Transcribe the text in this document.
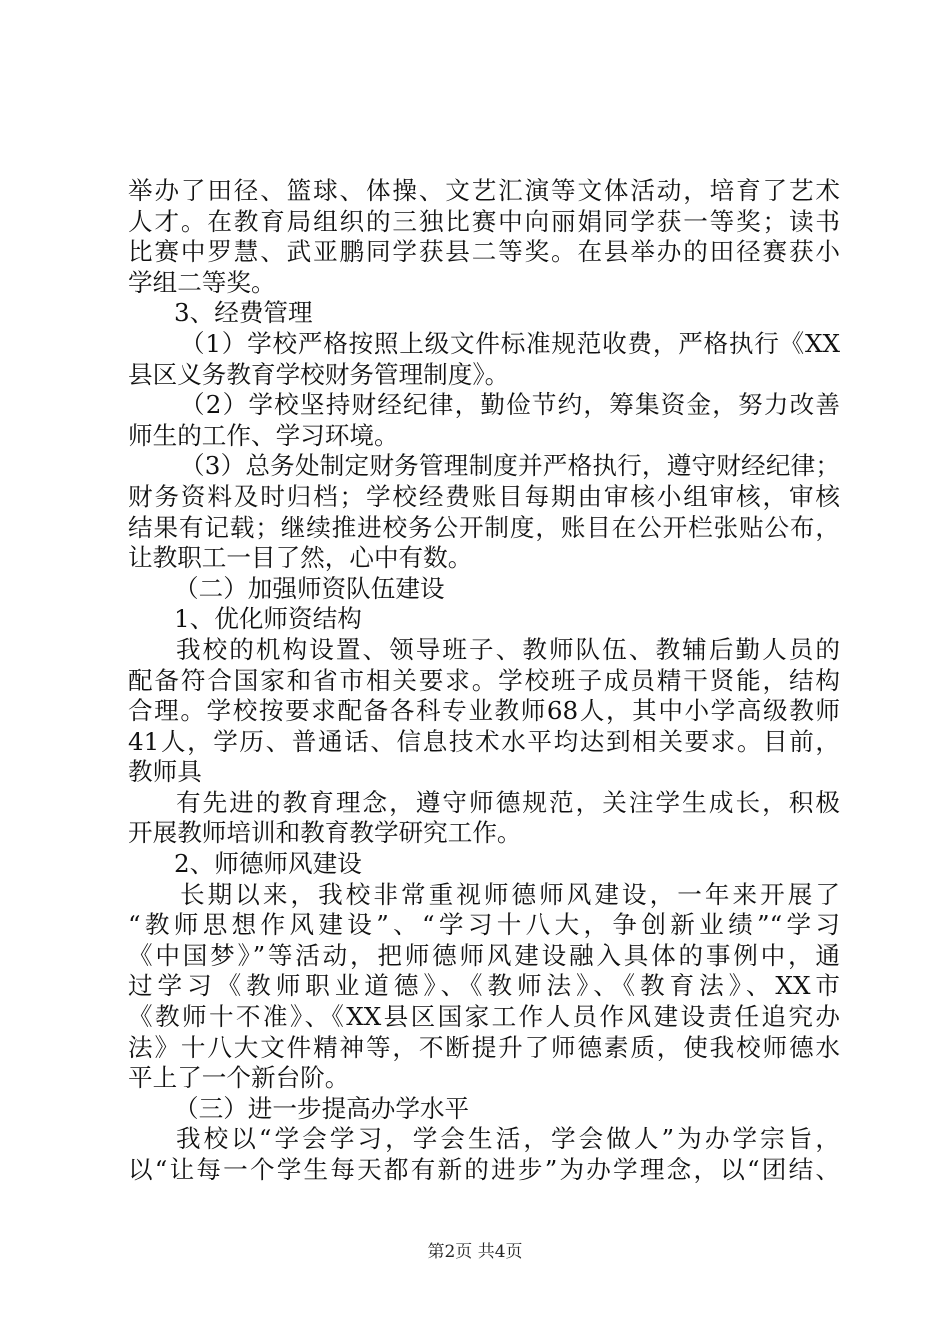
举办了田径、篮球、体操、文艺汇演等文体活动，培育了艺术
人才。在教育局组织的三独比赛中向丽娟同学获一等奖；读书
比赛中罗慧、武亚鹏同学获县二等奖。在县举办的田径赛获小
学组二等奖。
3、经费管理
（1）学校严格按照上级文件标准规范收费，严格执行《XX
县区义务教育学校财务管理制度》。
（2）学校坚持财经纪律，勤俭节约，筹集资金，努力改善
师生的工作、学习环境。
（3）总务处制定财务管理制度并严格执行，遵守财经纪律；
财务资料及时归档；学校经费账目每期由审核小组审核，审核
结果有记载；继续推进校务公开制度，账目在公开栏张贴公布，
让教职工一目了然，心中有数。
（二）加强师资队伍建设
1、优化师资结构
我校的机构设置、领导班子、教师队伍、教辅后勤人员的
配备符合国家和省市相关要求。学校班子成员精干贤能，结构
合理。学校按要求配备各科专业教师68人，其中小学高级教师
41人，学历、普通话、信息技术水平均达到相关要求。目前，
教师具
有先进的教育理念，遵守师德规范，关注学生成长，积极
开展教师培训和教育教学研究工作。
2、师德师风建设
长期以来，我校非常重视师德师风建设，一年来开展了
“教师思想作风建设”、“学习十八大，争创新业绩”“学习
《中国梦》”等活动，把师德师风建设融入具体的事例中，通
过学习《教师职业道德》、《教师法》、《教育法》、XX市
《教师十不准》、《XX县区国家工作人员作风建设责任追究办
法》十八大文件精神等，不断提升了师德素质，使我校师德水
平上了一个新台阶。
（三）进一步提高办学水平
我校以“学会学习，学会生活，学会做人”为办学宗旨，
以“让每一个学生每天都有新的进步”为办学理念，以“团结、
第2页 共4页
